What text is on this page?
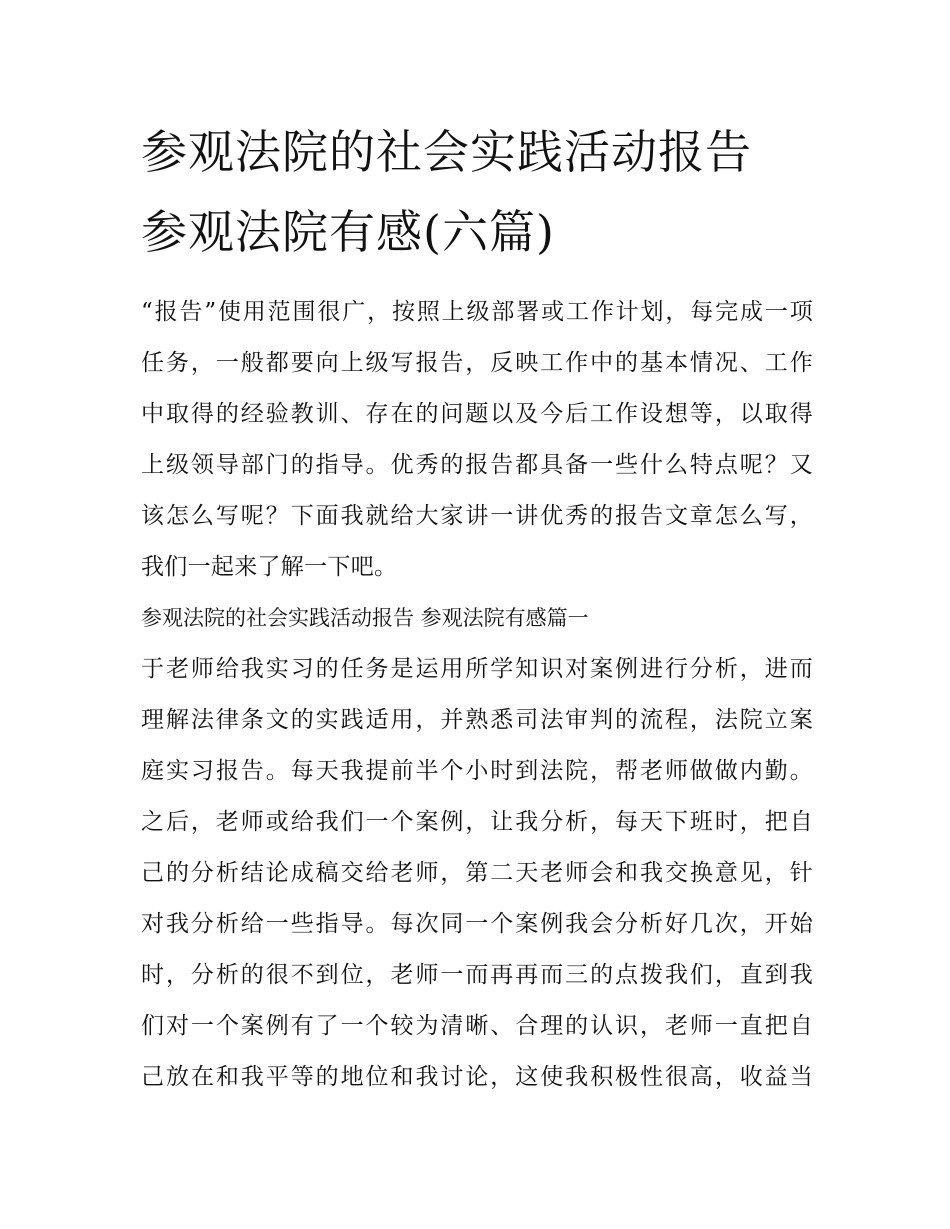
参观法院的社会实践活动报告
参观法院有感(六篇)
“报告”使用范围很广，按照上级部署或工作计划，每完成一项
任务，一般都要向上级写报告，反映工作中的基本情况、工作
中取得的经验教训、存在的问题以及今后工作设想等，以取得
上级领导部门的指导。优秀的报告都具备一些什么特点呢？又
该怎么写呢？下面我就给大家讲一讲优秀的报告文章怎么写，
我们一起来了解一下吧。
参观法院的社会实践活动报告 参观法院有感篇一
于老师给我实习的任务是运用所学知识对案例进行分析，进而
理解法律条文的实践适用，并熟悉司法审判的流程，法院立案
庭实习报告。每天我提前半个小时到法院，帮老师做做内勤。
之后，老师或给我们一个案例，让我分析，每天下班时，把自
己的分析结论成稿交给老师，第二天老师会和我交换意见，针
对我分析给一些指导。每次同一个案例我会分析好几次，开始
时，分析的很不到位，老师一而再再而三的点拨我们，直到我
们对一个案例有了一个较为清晰、合理的认识，老师一直把自
己放在和我平等的地位和我讨论，这使我积极性很高，收益当
